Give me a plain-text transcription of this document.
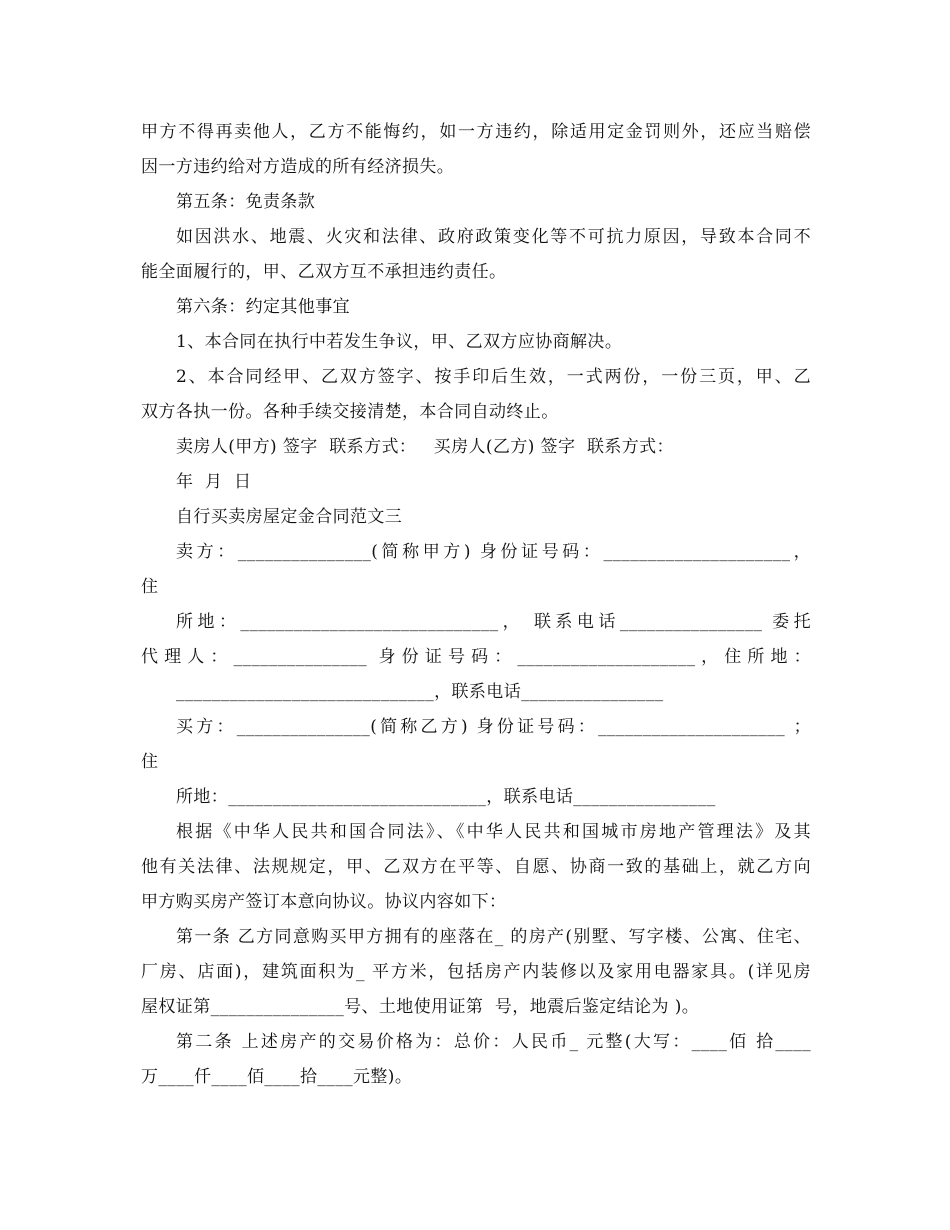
甲方不得再卖他人，乙方不能悔约，如一方违约，除适用定金罚则外，还应当赔偿
因一方违约给对方造成的所有经济损失。
第五条：免责条款
如因洪水、地震、火灾和法律、政府政策变化等不可抗力原因，导致本合同不
能全面履行的，甲、乙双方互不承担违约责任。
第六条：约定其他事宜
1、本合同在执行中若发生争议，甲、乙双方应协商解决。
2、本合同经甲、乙双方签字、按手印后生效，一式两份，一份三页，甲、乙
双方各执一份。各种手续交接清楚，本合同自动终止。
卖房人(甲方) 签字  联系方式：   买房人(乙方) 签字  联系方式：
年  月  日
自行买卖房屋定金合同范文三
卖方：_______________(简称甲方) 身份证号码：_____________________，
住
所地：_____________________________， 联系电话________________ 委托
代理人：_______________ 身份证号码：____________________，住所地：
_____________________________，联系电话________________
买方：_______________(简称乙方) 身份证号码：_____________________ ；
住
所地：_____________________________，联系电话________________
根据《中华人民共和国合同法》、《中华人民共和国城市房地产管理法》及其
他有关法律、法规规定，甲、乙双方在平等、自愿、协商一致的基础上，就乙方向
甲方购买房产签订本意向协议。协议内容如下：
第一条 乙方同意购买甲方拥有的座落在_ 的房产(别墅、写字楼、公寓、住宅、
厂房、店面)，建筑面积为_ 平方米，包括房产内装修以及家用电器家具。(详见房
屋权证第_______________号、土地使用证第  号，地震后鉴定结论为 )。
第二条 上述房产的交易价格为：总价：人民币_ 元整(大写：____佰 拾____
万____仟____佰____拾____元整)。
